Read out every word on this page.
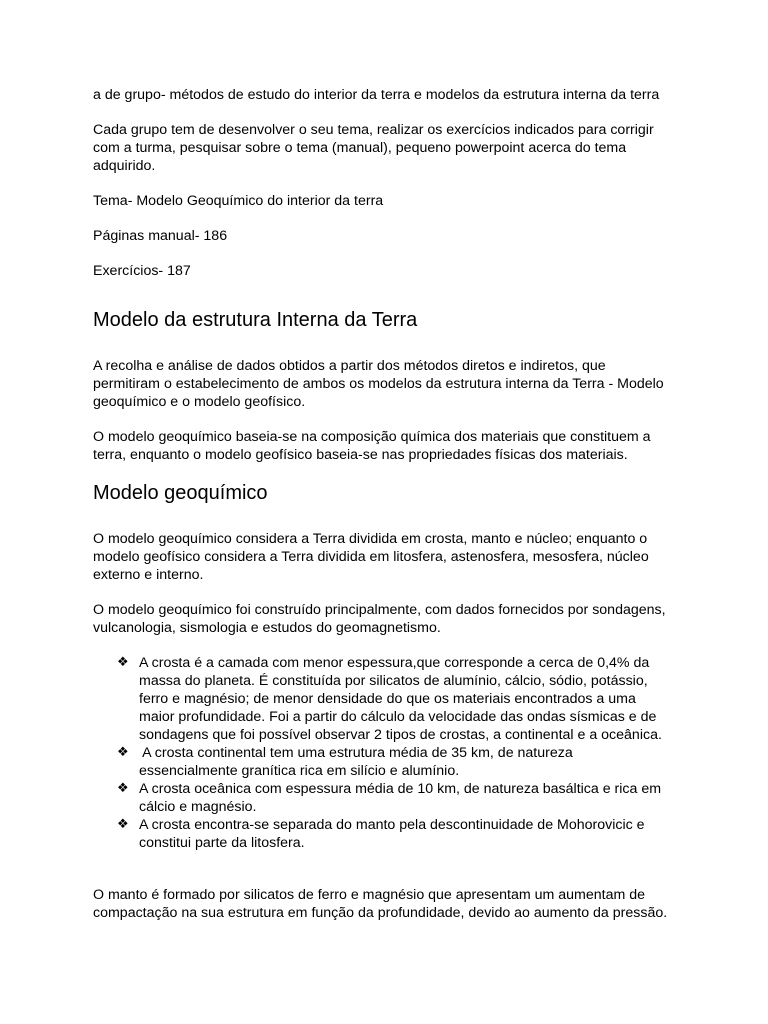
a de grupo- métodos de estudo do interior da terra e modelos da estrutura interna da terra

Cada grupo tem de desenvolver o seu tema, realizar os exercícios indicados para corrigir

com a turma, pesquisar sobre o tema (manual), pequeno powerpoint acerca do tema

adquirido.

Tema- Modelo Geoquímico do interior da terra

Páginas manual- 186

Exercícios- 187

Modelo da estrutura Interna da Terra

A recolha e análise de dados obtidos a partir dos métodos diretos e indiretos, que

permitiram o estabelecimento de ambos os modelos da estrutura interna da Terra - Modelo

geoquímico e o modelo geofísico.

O modelo geoquímico baseia-se na composição química dos materiais que constituem a

terra, enquanto o modelo geofísico baseia-se nas propriedades físicas dos materiais.

Modelo geoquímico

O modelo geoquímico considera a Terra dividida em crosta, manto e núcleo; enquanto o

modelo geofísico considera a Terra dividida em litosfera, astenosfera, mesosfera, núcleo

externo e interno.

O modelo geoquímico foi construído principalmente, com dados fornecidos por sondagens,

vulcanologia, sismologia e estudos do geomagnetismo.

❖ A crosta é a camada com menor espessura,que corresponde a cerca de 0,4% da

massa do planeta. É constituída por silicatos de alumínio, cálcio, sódio, potássio,

ferro e magnésio; de menor densidade do que os materiais encontrados a uma

maior profundidade. Foi a partir do cálculo da velocidade das ondas sísmicas e de

sondagens que foi possível observar 2 tipos de crostas, a continental e a oceânica.

❖ A crosta continental tem uma estrutura média de 35 km, de natureza

essencialmente granítica rica em silício e alumínio.

❖ A crosta oceânica com espessura média de 10 km, de natureza basáltica e rica em

cálcio e magnésio.

❖ A crosta encontra-se separada do manto pela descontinuidade de Mohorovicic e

constitui parte da litosfera.

O manto é formado por silicatos de ferro e magnésio que apresentam um aumentam de

compactação na sua estrutura em função da profundidade, devido ao aumento da pressão.
